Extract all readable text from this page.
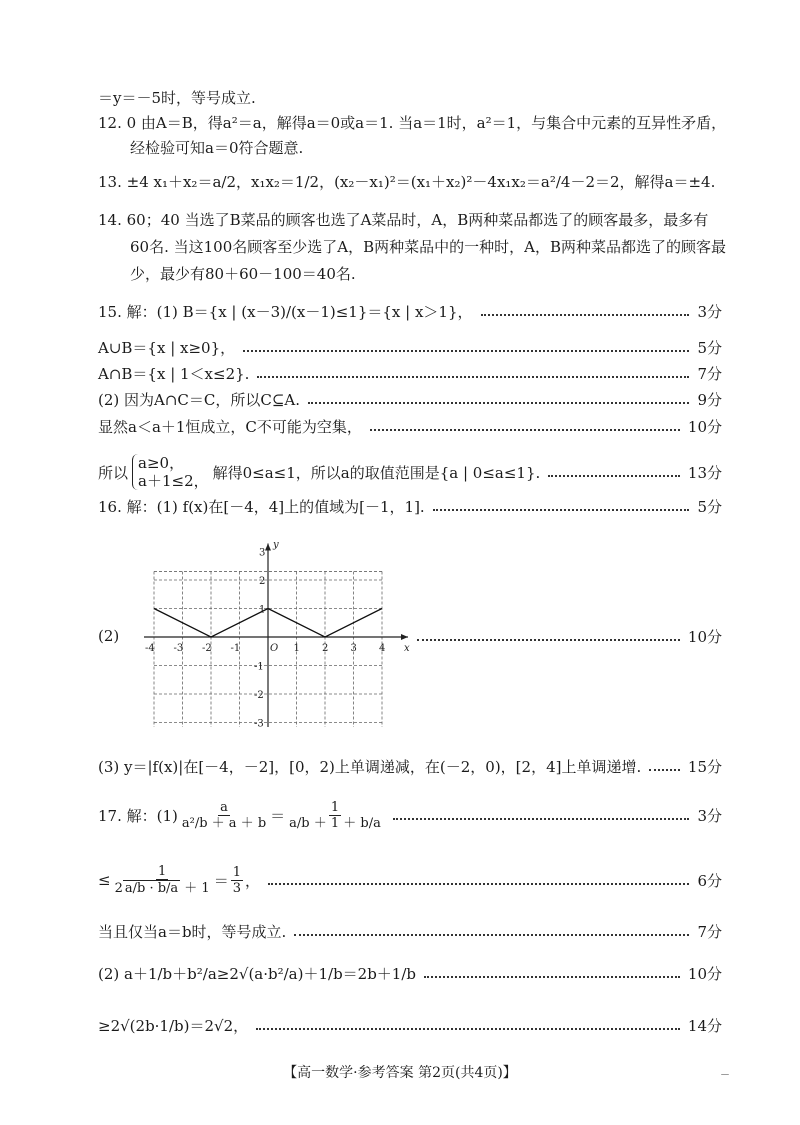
＝y＝－5时，等号成立.
12. 0 由A＝B，得a²＝a，解得a＝0或a＝1. 当a＝1时，a²＝1，与集合中元素的互异性矛盾，
经检验可知a＝0符合题意.
13. ±4 x₁＋x₂＝a/2，x₁x₂＝1/2，(x₂－x₁)²＝(x₁＋x₂)²－4x₁x₂＝a²/4－2＝2，解得a＝±4.
14. 60；40 当选了B菜品的顾客也选了A菜品时，A，B两种菜品都选了的顾客最多，最多有
60名. 当这100名顾客至少选了A，B两种菜品中的一种时，A，B两种菜品都选了的顾客最
少，最少有80＋60－100＝40名.
15. 解：(1) B＝{x | (x－3)/(x－1)≤1}＝{x | x＞1}，	3分
A∪B＝{x | x≥0}，	5分
A∩B＝{x | 1＜x≤2}.	7分
(2) 因为A∩C＝C，所以C⊆A.	9分
显然a＜a＋1恒成立，C不可能为空集，	10分
所以
a≥0，
a＋1≤2， 解得0≤a≤1，所以a的取值范围是{a | 0≤a≤1}.	13分
16. 解：(1) f(x)在[－4，4]上的值域为[－1，1].	5分
(2)	10分
x
y
O
-4 -3 -2 -1	1 2 3 4
3
2
1
-1
-2
-3
(3) y＝|f(x)|在[－4，－2]，[0，2)上单调递减，在(－2，0)，[2，4]上单调递增.	15分
17. 解：$(1) \frac{a}{\text{a²/b ＋ a ＋ b}} = \frac{1}{a/b + 1 + b/a}$	3分
≤ $\frac{1}{2 a/b \cdot b/a + 1} = \frac{1}{3}$ ，	6分
当且仅当a＝b时，等号成立.	7分
(2) a＋1/b＋b²/a≥2√(a·b²/a)＋1/b＝2b＋1/b	10分
≥2√(2b·1/b)＝2√2，	14分
【高一数学·参考答案 第2页(共4页)】	－
